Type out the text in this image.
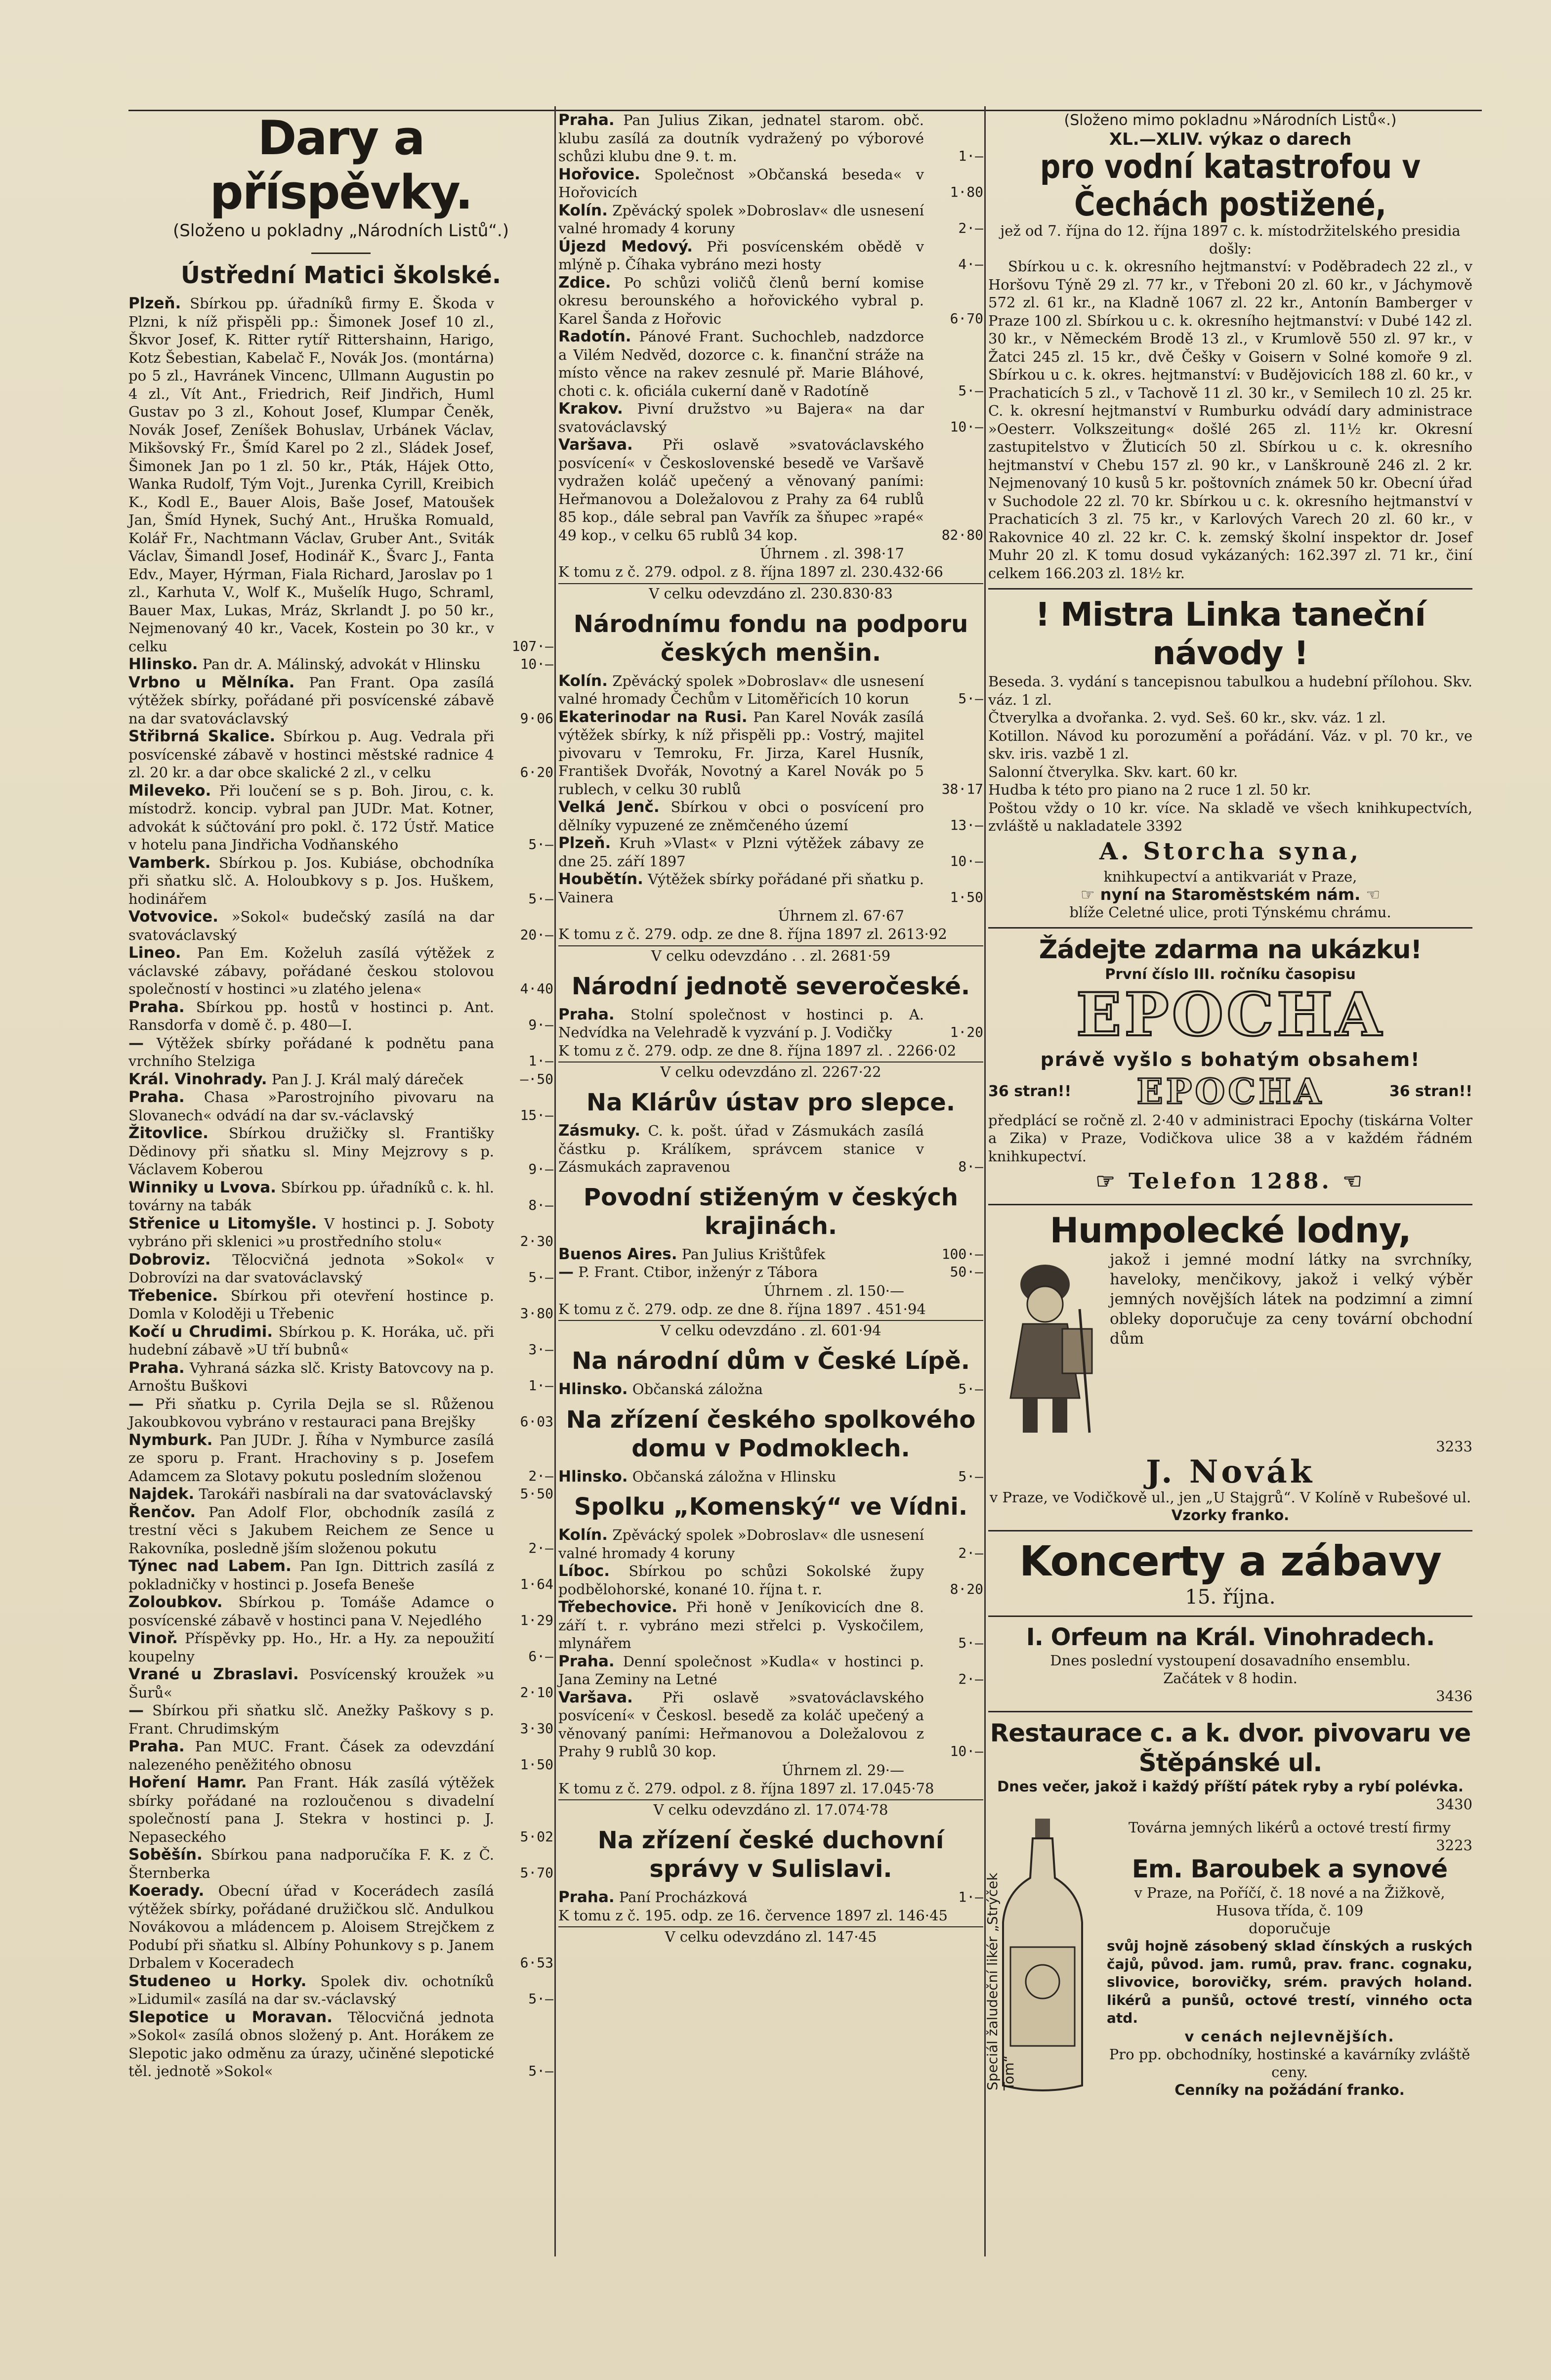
Dary a příspěvky.
(Složeno u pokladny „Národních Listů“.)
Ústřední Matici školské.
Plzeň. Sbírkou pp. úřadníků firmy E. Škoda v Plzni, k níž přispěli pp.: Šimonek Josef 10 zl., Škvor Josef, K. Ritter rytíř Rittershainn, Harigo, Kotz Šebestian, Kabelač F., Novák Jos. (montárna) po 5 zl., Havránek Vincenc, Ullmann Augustin po 4 zl., Vít Ant., Friedrich, Reif Jindřich, Huml Gustav po 3 zl., Kohout Josef, Klumpar Čeněk, Novák Josef, Zeníšek Bohuslav, Urbánek Václav, Mikšovský Fr., Šmíd Karel po 2 zl., Sládek Josef, Šimonek Jan po 1 zl. 50 kr., Pták, Hájek Otto, Wanka Rudolf, Tým Vojt., Jurenka Cyrill, Kreibich K., Kodl E., Bauer Alois, Baše Josef, Matoušek Jan, Šmíd Hynek, Suchý Ant., Hruška Romuald, Kolář Fr., Nachtmann Václav, Gruber Ant., Sviták Václav, Šimandl Josef, Hodinář K., Švarc J., Fanta Edv., Mayer, Hýrman, Fiala Richard, Jaroslav po 1 zl., Karhuta V., Wolf K., Mušelík Hugo, Schraml, Bauer Max, Lukas, Mráz, Skrlandt J. po 50 kr., Nejmenovaný 40 kr., Vacek, Kostein po 30 kr., v celku	107·—
Hlinsko. Pan dr. A. Málinský, advokát v Hlinsku	10·—
Vrbno u Mělníka. Pan Frant. Opa zasílá výtěžek sbírky, pořádané při posvícenské zábavě na dar svatováclavský	9·06
Střibrná Skalice. Sbírkou p. Aug. Vedrala při posvícenské zábavě v hostinci městské radnice 4 zl. 20 kr. a dar obce skalické 2 zl., v celku	6·20
Mileveko. Při loučení se s p. Boh. Jirou, c. k. místodrž. koncip. vybral pan JUDr. Mat. Kotner, advokát k súčtování pro pokl. č. 172 Ústř. Matice v hotelu pana Jindřicha Vodňanského	5·—
Vamberk. Sbírkou p. Jos. Kubiáse, obchodníka při sňatku slč. A. Holoubkovy s p. Jos. Huškem, hodinářem	5·—
Votvovice. »Sokol« budečský zasílá na dar svatováclavský	20·—
Lineo. Pan Em. Koželuh zasílá výtěžek z václavské zábavy, pořádané českou stolovou společností v hostinci »u zlatého jelena«	4·40
Praha. Sbírkou pp. hostů v hostinci p. Ant. Ransdorfa v domě č. p. 480—I.	9·—
— Výtěžek sbírky pořádané k podnětu pana vrchního Stelziga	1·—
Král. Vinohrady. Pan J. J. Král malý dáreček	—·50
Praha. Chasa »Parostrojního pivovaru na Slovanech« odvádí na dar sv.-václavský	15·—
Žitovlice. Sbírkou družičky sl. Františky Dědinovy při sňatku sl. Miny Mejzrovy s p. Václavem Koberou	9·—
Winniky u Lvova. Sbírkou pp. úřadníků c. k. hl. továrny na tabák	8·—
Střenice u Litomyšle. V hostinci p. J. Soboty vybráno při sklenici »u prostředního stolu«	2·30
Dobroviz. Tělocvičná jednota »Sokol« v Dobrovízi na dar svatováclavský	5·—
Třebenice. Sbírkou při otevření hostince p. Domla v Koloději u Třebenic	3·80
Kočí u Chrudimi. Sbírkou p. K. Horáka, uč. při hudební zábavě »U tří bubnů«	3·—
Praha. Vyhraná sázka slč. Kristy Batovcovy na p. Arnoštu Buškovi	1·—
— Při sňatku p. Cyrila Dejla se sl. Růženou Jakoubkovou vybráno v restauraci pana Brejšky	6·03
Nymburk. Pan JUDr. J. Říha v Nymburce zasílá ze sporu p. Frant. Hrachoviny s p. Josefem Adamcem za Slotavy pokutu posledním složenou	2·—
Najdek. Tarokáři nasbírali na dar svatováclavský	5·50
Řenčov. Pan Adolf Flor, obchodník zasílá z trestní věci s Jakubem Reichem ze Sence u Rakovníka, posledně jším složenou pokutu	2·—
Týnec nad Labem. Pan Ign. Dittrich zasílá z pokladničky v hostinci p. Josefa Beneše	1·64
Zoloubkov. Sbírkou p. Tomáše Adamce o posvícenské zábavě v hostinci pana V. Nejedlého	1·29
Vinoř. Příspěvky pp. Ho., Hr. a Hy. za nepoužití koupelny	6·—
Vrané u Zbraslavi. Posvícenský kroužek »u Šurů«	2·10
— Sbírkou při sňatku slč. Anežky Paškovy s p. Frant. Chrudimským	3·30
Praha. Pan MUC. Frant. Čásek za odevzdání nalezeného peněžitého obnosu	1·50
Hoření Hamr. Pan Frant. Hák zasílá výtěžek sbírky pořádané na rozloučenou s divadelní společností pana J. Stekra v hostinci p. J. Nepaseckého	5·02
Soběšín. Sbírkou pana nadporučíka F. K. z Č. Šternberka	5·70
Koerady. Obecní úřad v Kocerádech zasílá výtěžek sbírky, pořádané družičkou slč. Andulkou Novákovou a mládencem p. Aloisem Strejčkem z Podubí při sňatku sl. Albíny Pohunkovy s p. Janem Drbalem v Koceradech	6·53
Studeneo u Horky. Spolek div. ochotníků »Lidumil« zasílá na dar sv.-václavský	5·—
Slepotice u Moravan. Tělocvičná jednota »Sokol« zasílá obnos složený p. Ant. Horákem ze Slepotic jako odměnu za úrazy, učiněné slepotické těl. jednotě »Sokol«	5·—
Praha. Pan Julius Zikan, jednatel starom. obč. klubu zasílá za doutník vydražený po výborové schůzi klubu dne 9. t. m.	1·—
Hořovice. Společnost »Občanská beseda« v Hořovicích	1·80
Kolín. Zpěvácký spolek »Dobroslav« dle usnesení valné hromady 4 koruny	2·—
Újezd Medový. Při posvícenském obědě v mlýně p. Číhaka vybráno mezi hosty	4·—
Zdice. Po schůzi voličů členů berní komise okresu berounského a hořovického vybral p. Karel Šanda z Hořovic	6·70
Radotín. Pánové Frant. Suchochleb, nadzdorce a Vilém Nedvěd, dozorce c. k. finanční stráže na místo věnce na rakev zesnulé př. Marie Bláhové, choti c. k. oficiála cukerní daně v Radotíně	5·—
Krakov. Pivní družstvo »u Bajera« na dar svatováclavský	10·—
Varšava. Při oslavě »svatováclavského posvícení« v Československé besedě ve Varšavě vydražen koláč upečený a věnovaný paními: Heřmanovou a Doležalovou z Prahy za 64 rublů 85 kop., dále sebral pan Vavřík za šňupec »rapé« 49 kop., v celku 65 rublů 34 kop.	82·80
Úhrnem . zl. 398·17
K tomu z č. 279. odpol. z 8. října 1897 zl. 230.432·66
V celku odevzdáno zl. 230.830·83
Národnímu fondu na podporu českých menšin.
Kolín. Zpěvácký spolek »Dobroslav« dle usnesení valné hromady Čechům v Litoměřicích 10 korun	5·—
Ekaterinodar na Rusi. Pan Karel Novák zasílá výtěžek sbírky, k níž přispěli pp.: Vostrý, majitel pivovaru v Temroku, Fr. Jirza, Karel Husník, František Dvořák, Novotný a Karel Novák po 5 rublech, v celku 30 rublů	38·17
Velká Jenč. Sbírkou v obci o posvícení pro dělníky vypuzené ze zněmčeného území	13·—
Plzeň. Kruh »Vlast« v Plzni výtěžek zábavy ze dne 25. září 1897	10·—
Houbětín. Výtěžek sbírky pořádané při sňatku p. Vainera	1·50
Úhrnem zl. 67·67
K tomu z č. 279. odp. ze dne 8. října 1897 zl. 2613·92
V celku odevzdáno . . zl. 2681·59
Národní jednotě severočeské.
Praha. Stolní společnost v hostinci p. A. Nedvídka na Velehradě k vyzvání p. J. Vodičky	1·20
K tomu z č. 279. odp. ze dne 8. října 1897 zl. . 2266·02
V celku odevzdáno zl. 2267·22
Na Klárův ústav pro slepce.
Zásmuky. C. k. pošt. úřad v Zásmukách zasílá částku p. Králíkem, správcem stanice v Zásmukách zapravenou	8·—
Povodní stiženým v českých krajinách.
Buenos Aires. Pan Julius Krištůfek	100·—
— P. Frant. Ctibor, inženýr z Tábora	50·—
Úhrnem . zl. 150·—
K tomu z č. 279. odp. ze dne 8. října 1897 . 451·94
V celku odevzdáno . zl. 601·94
Na národní dům v České Lípě.
Hlinsko. Občanská záložna	5·—
Na zřízení českého spolkového domu v Podmoklech.
Hlinsko. Občanská záložna v Hlinsku	5·—
Spolku „Komenský“ ve Vídni.
Kolín. Zpěvácký spolek »Dobroslav« dle usnesení valné hromady 4 koruny	2·—
Líboc. Sbírkou po schůzi Sokolské župy podbělohorské, konané 10. října t. r.	8·20
Třebechovice. Při honě v Jeníkovicích dne 8. září t. r. vybráno mezi střelci p. Vyskočilem, mlynářem	5·—
Praha. Denní společnost »Kudla« v hostinci p. Jana Zeminy na Letné	2·—
Varšava. Při oslavě »svatováclavského posvícení« v Českosl. besedě za koláč upečený a věnovaný paními: Heřmanovou a Doležalovou z Prahy 9 rublů 30 kop.	10·—
Úhrnem zl. 29·—
K tomu z č. 279. odpol. z 8. října 1897 zl. 17.045·78
V celku odevzdáno zl. 17.074·78
Na zřízení české duchovní správy v Sulislavi.
Praha. Paní Procházková	1·—
K tomu z č. 195. odp. ze 16. července 1897 zl. 146·45
V celku odevzdáno zl. 147·45
(Složeno mimo pokladnu »Národních Listů«.)
XL.—XLIV. výkaz o darech
pro vodní katastrofou v Čechách postižené,
jež od 7. října do 12. října 1897 c. k. místodržitelského presidia došly:
Sbírkou u c. k. okresního hejtmanství: v Poděbradech 22 zl., v Horšovu Týně 29 zl. 77 kr., v Třeboni 20 zl. 60 kr., v Jáchymově 572 zl. 61 kr., na Kladně 1067 zl. 22 kr., Antonín Bamberger v Praze 100 zl. Sbírkou u c. k. okresního hejtmanství: v Dubé 142 zl. 30 kr., v Německém Brodě 13 zl., v Krumlově 550 zl. 97 kr., v Žatci 245 zl. 15 kr., dvě Češky v Goisern v Solné komoře 9 zl. Sbírkou u c. k. okres. hejtmanství: v Budějovicích 188 zl. 60 kr., v Prachaticích 5 zl., v Tachově 11 zl. 30 kr., v Semilech 10 zl. 25 kr. C. k. okresní hejtmanství v Rumburku odvádí dary administrace »Oesterr. Volkszeitung« došlé 265 zl. 11½ kr. Okresní zastupitelstvo v Žluticích 50 zl. Sbírkou u c. k. okresního hejtmanství v Chebu 157 zl. 90 kr., v Lanškrouně 246 zl. 2 kr. Nejmenovaný 10 kusů 5 kr. poštovních známek 50 kr. Obecní úřad v Suchodole 22 zl. 70 kr. Sbírkou u c. k. okresního hejtmanství v Prachaticích 3 zl. 75 kr., v Karlových Varech 20 zl. 60 kr., v Rakovnice 40 zl. 22 kr. C. k. zemský školní inspektor dr. Josef Muhr 20 zl. K tomu dosud vykázaných: 162.397 zl. 71 kr., činí celkem 166.203 zl. 18½ kr.
! Mistra Linka taneční návody !
Beseda. 3. vydání s tancepisnou tabulkou a hudební přílohou. Skv. váz. 1 zl.
Čtverylka a dvořanka. 2. vyd. Seš. 60 kr., skv. váz. 1 zl.
Kotillon. Návod ku porozumění a pořádání. Váz. v pl. 70 kr., ve skv. iris. vazbě 1 zl.
Salonní čtverylka. Skv. kart. 60 kr.
Hudba k této pro piano na 2 ruce 1 zl. 50 kr.
Poštou vždy o 10 kr. více. Na skladě ve všech knihkupectvích, zvláště u nakladatele 3392
A. Storcha syna,
knihkupectví a antikvariát v Praze,
☞ nyní na Staroměstském nám. ☜
blíže Celetné ulice, proti Týnskému chrámu.
Žádejte zdarma na ukázku!
První číslo III. ročníku časopisu
EPOCHA
právě vyšlo s bohatým obsahem!
36 stran!! EPOCHA	36 stran!!
předplácí se ročně zl. 2·40 v administraci Epochy (tiskárna Volter a Zika) v Praze, Vodičkova ulice 38 a v každém řádném knihkupectví.
☞ Telefon 1288. ☜
Humpolecké lodny,
jakož i jemné modní látky na svrchníky, haveloky, menčikovy, jakož i velký výběr jemných novějších látek na podzimní a zimní obleky doporučuje za ceny tovární obchodní dům
3233
J. Novák
v Praze, ve Vodičkově ul., jen „U Stajgrů“. V Kolíně v Rubešové ul.
Vzorky franko.
Koncerty a zábavy
15. října.
I. Orfeum na Král. Vinohradech.
Dnes poslední vystoupení dosavadního ensemblu.
Začátek v 8 hodin.
3436
Restaurace c. a k. dvor. pivovaru ve Štěpánské ul.
Dnes večer, jakož i každý příští pátek ryby a rybí polévka.
3430
Speciál žaludeční likér „Strýček Tom“
Továrna jemných likérů a octové trestí firmy
3223
Em. Baroubek a synové
v Praze, na Poříčí, č. 18 nové a na Žižkově, Husova třída, č. 109
doporučuje
svůj hojně zásobený sklad čínských a ruských čajů, původ. jam. rumů, prav. franc. cognaku, slivovice, borovičky, srém. pravých holand. likérů a punšů, octové trestí, vinného octa atd.
v cenách nejlevnějších.
Pro pp. obchodníky, hostinské a kavárníky zvláště ceny.
Cenníky na požádání franko.
